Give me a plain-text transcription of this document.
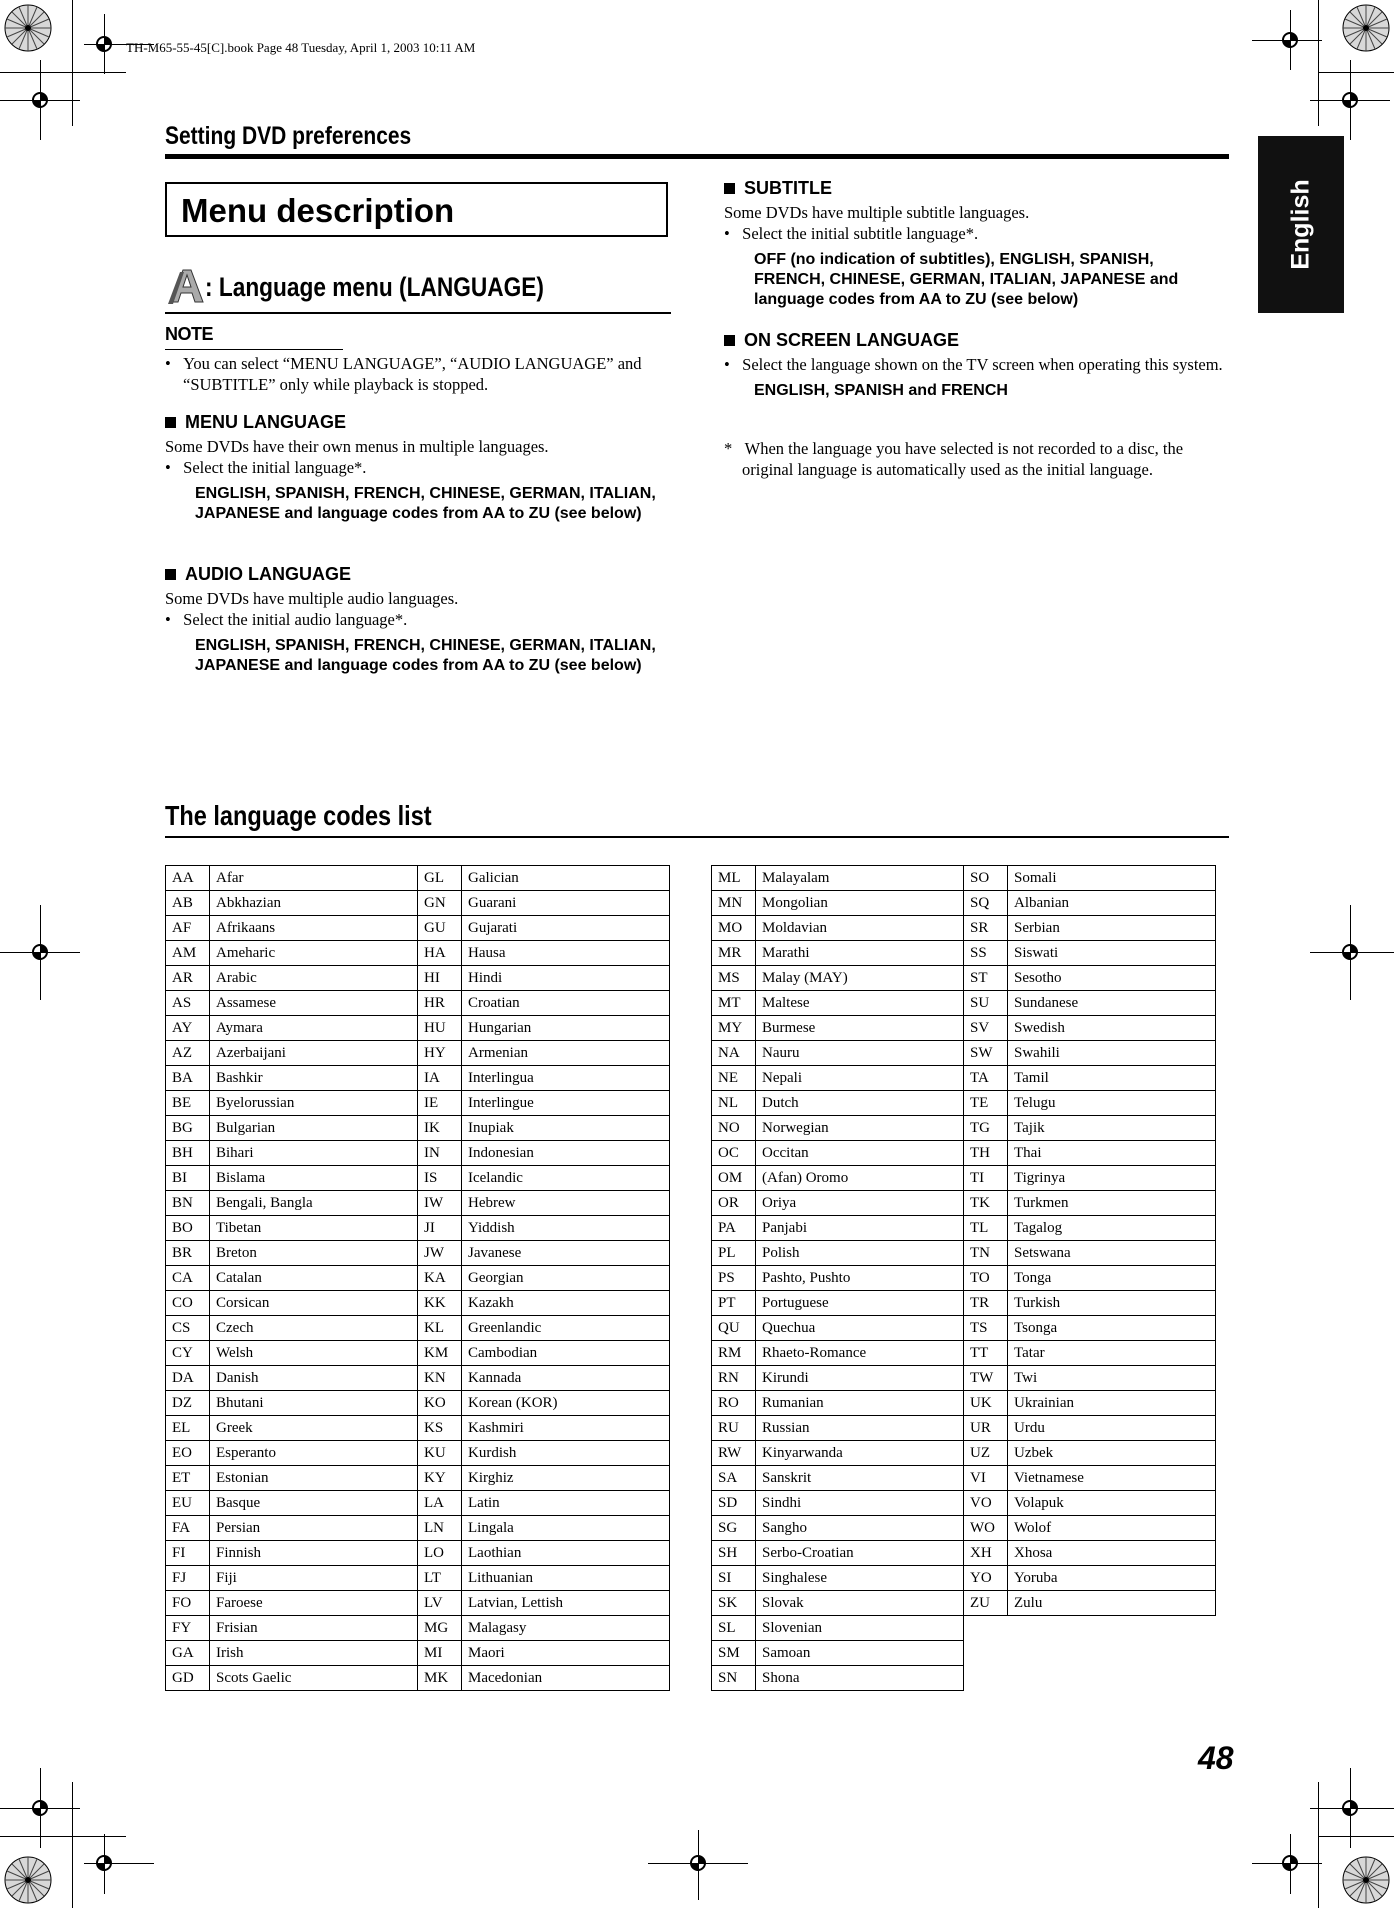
TH-M65-55-45[C].book Page 48 Tuesday, April 1, 2003 10:11 AM
Setting DVD preferences
English
Menu description
: Language menu (LANGUAGE)
NOTE
•   You can select “MENU LANGUAGE”, “AUDIO LANGUAGE” and “SUBTITLE” only while playback is stopped.
MENU LANGUAGE
Some DVDs have their own menus in multiple languages.
•   Select the initial language*.
ENGLISH, SPANISH, FRENCH, CHINESE, GERMAN, ITALIAN, JAPANESE and language codes from AA to ZU (see below)
AUDIO LANGUAGE
Some DVDs have multiple audio languages.
•   Select the initial audio language*.
ENGLISH, SPANISH, FRENCH, CHINESE, GERMAN, ITALIAN, JAPANESE and language codes from AA to ZU (see below)
SUBTITLE
Some DVDs have multiple subtitle languages.
•   Select the initial subtitle language*.
OFF (no indication of subtitles), ENGLISH, SPANISH, FRENCH, CHINESE, GERMAN, ITALIAN, JAPANESE and language codes from AA to ZU (see below)
ON SCREEN LANGUAGE
•   Select the language shown on the TV screen when operating this system.
ENGLISH, SPANISH and FRENCH
*   When the language you have selected is not recorded to a disc, the original language is automatically used as the initial language.
The language codes list
AA	Afar	GL	Galician
AB	Abkhazian	GN	Guarani
AF	Afrikaans	GU	Gujarati
AM	Ameharic	HA	Hausa
AR	Arabic	HI	Hindi
AS	Assamese	HR	Croatian
AY	Aymara	HU	Hungarian
AZ	Azerbaijani	HY	Armenian
BA	Bashkir	IA	Interlingua
BE	Byelorussian	IE	Interlingue
BG	Bulgarian	IK	Inupiak
BH	Bihari	IN	Indonesian
BI	Bislama	IS	Icelandic
BN	Bengali, Bangla	IW	Hebrew
BO	Tibetan	JI	Yiddish
BR	Breton	JW	Javanese
CA	Catalan	KA	Georgian
CO	Corsican	KK	Kazakh
CS	Czech	KL	Greenlandic
CY	Welsh	KM	Cambodian
DA	Danish	KN	Kannada
DZ	Bhutani	KO	Korean (KOR)
EL	Greek	KS	Kashmiri
EO	Esperanto	KU	Kurdish
ET	Estonian	KY	Kirghiz
EU	Basque	LA	Latin
FA	Persian	LN	Lingala
FI	Finnish	LO	Laothian
FJ	Fiji	LT	Lithuanian
FO	Faroese	LV	Latvian, Lettish
FY	Frisian	MG	Malagasy
GA	Irish	MI	Maori
GD	Scots Gaelic	MK	Macedonian
ML	Malayalam	SO	Somali
MN	Mongolian	SQ	Albanian
MO	Moldavian	SR	Serbian
MR	Marathi	SS	Siswati
MS	Malay (MAY)	ST	Sesotho
MT	Maltese	SU	Sundanese
MY	Burmese	SV	Swedish
NA	Nauru	SW	Swahili
NE	Nepali	TA	Tamil
NL	Dutch	TE	Telugu
NO	Norwegian	TG	Tajik
OC	Occitan	TH	Thai
OM	(Afan) Oromo	TI	Tigrinya
OR	Oriya	TK	Turkmen
PA	Panjabi	TL	Tagalog
PL	Polish	TN	Setswana
PS	Pashto, Pushto	TO	Tonga
PT	Portuguese	TR	Turkish
QU	Quechua	TS	Tsonga
RM	Rhaeto-Romance	TT	Tatar
RN	Kirundi	TW	Twi
RO	Rumanian	UK	Ukrainian
RU	Russian	UR	Urdu
RW	Kinyarwanda	UZ	Uzbek
SA	Sanskrit	VI	Vietnamese
SD	Sindhi	VO	Volapuk
SG	Sangho	WO	Wolof
SH	Serbo-Croatian	XH	Xhosa
SI	Singhalese	YO	Yoruba
SK	Slovak	ZU	Zulu
SL	Slovenian		
SM	Samoan		
SN	Shona		
48
